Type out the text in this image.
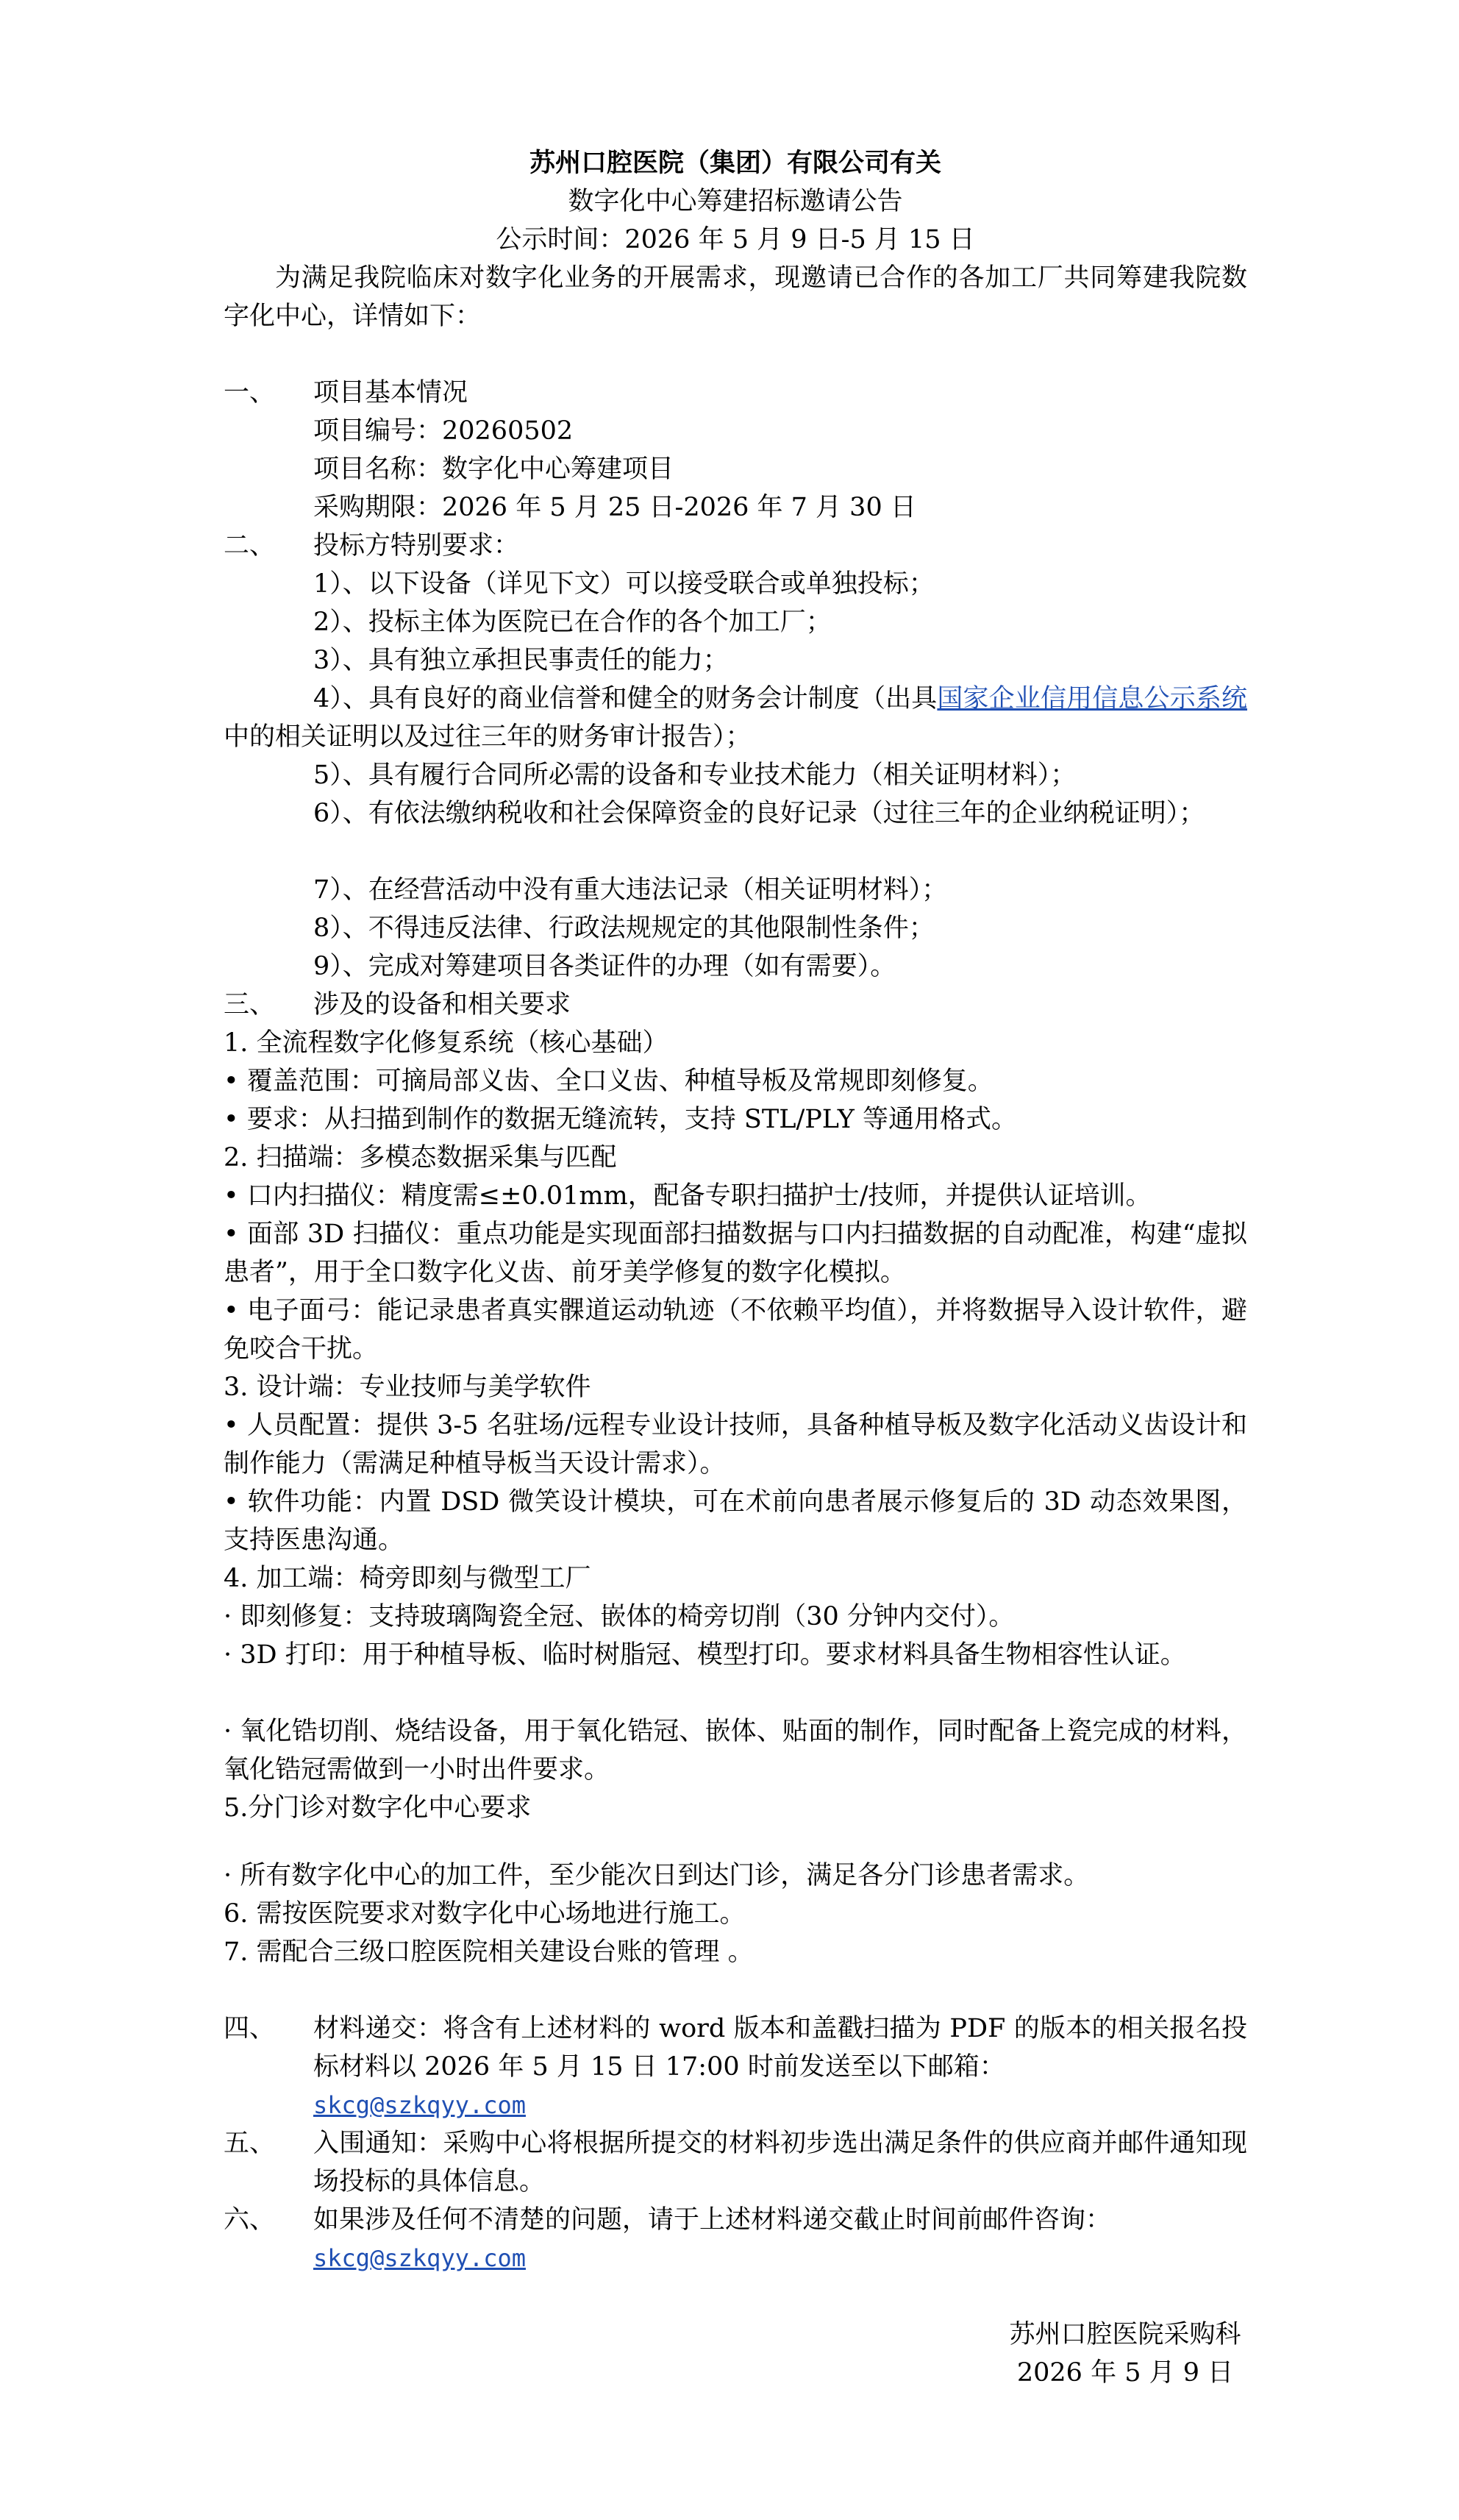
苏州口腔医院（集团）有限公司有关
数字化中心筹建招标邀请公告
公示时间：2026 年 5 月 9 日-5 月 15 日
为满足我院临床对数字化业务的开展需求，现邀请已合作的各加工厂共同筹建我院数字化中心，详情如下：
一、	项目基本情况
项目编号：20260502
项目名称：数字化中心筹建项目
采购期限：2026 年 5 月 25 日-2026 年 7 月 30 日
二、	投标方特别要求：
1）、以下设备（详见下文）可以接受联合或单独投标；
2）、投标主体为医院已在合作的各个加工厂；
3）、具有独立承担民事责任的能力；
4）、具有良好的商业信誉和健全的财务会计制度（出具国家企业信用信息公示系统中的相关证明以及过往三年的财务审计报告）；
5）、具有履行合同所必需的设备和专业技术能力（相关证明材料）；
6）、有依法缴纳税收和社会保障资金的良好记录（过往三年的企业纳税证明）；
7）、在经营活动中没有重大违法记录（相关证明材料）；
8）、不得违反法律、行政法规规定的其他限制性条件；
9）、完成对筹建项目各类证件的办理（如有需要）。
三、	涉及的设备和相关要求
1. 全流程数字化修复系统（核心基础）
• 覆盖范围：可摘局部义齿、全口义齿、种植导板及常规即刻修复。
• 要求：从扫描到制作的数据无缝流转，支持 STL/PLY 等通用格式。
2. 扫描端：多模态数据采集与匹配
• 口内扫描仪：精度需≤±0.01mm，配备专职扫描护士/技师，并提供认证培训。
• 面部 3D 扫描仪：重点功能是实现面部扫描数据与口内扫描数据的自动配准，构建“虚拟患者”，用于全口数字化义齿、前牙美学修复的数字化模拟。
• 电子面弓：能记录患者真实髁道运动轨迹（不依赖平均值），并将数据导入设计软件，避免咬合干扰。
3. 设计端：专业技师与美学软件
• 人员配置：提供 3-5 名驻场/远程专业设计技师，具备种植导板及数字化活动义齿设计和制作能力（需满足种植导板当天设计需求）。
• 软件功能：内置 DSD 微笑设计模块，可在术前向患者展示修复后的 3D 动态效果图，支持医患沟通。
4. 加工端：椅旁即刻与微型工厂
· 即刻修复：支持玻璃陶瓷全冠、嵌体的椅旁切削（30 分钟内交付）。
· 3D 打印：用于种植导板、临时树脂冠、模型打印。要求材料具备生物相容性认证。
· 氧化锆切削、烧结设备，用于氧化锆冠、嵌体、贴面的制作，同时配备上瓷完成的材料，氧化锆冠需做到一小时出件要求。
5.分门诊对数字化中心要求
· 所有数字化中心的加工件，至少能次日到达门诊，满足各分门诊患者需求。
6. 需按医院要求对数字化中心场地进行施工。
7. 需配合三级口腔医院相关建设台账的管理 。
四、	材料递交：将含有上述材料的 word 版本和盖戳扫描为 PDF 的版本的相关报名投标材料以 2026 年 5 月 15 日 17:00 时前发送至以下邮箱：
skcg@szkqyy.com
五、	入围通知：采购中心将根据所提交的材料初步选出满足条件的供应商并邮件通知现场投标的具体信息。
六、	如果涉及任何不清楚的问题，请于上述材料递交截止时间前邮件咨询：
skcg@szkqyy.com
苏州口腔医院采购科
2026 年 5 月 9 日
